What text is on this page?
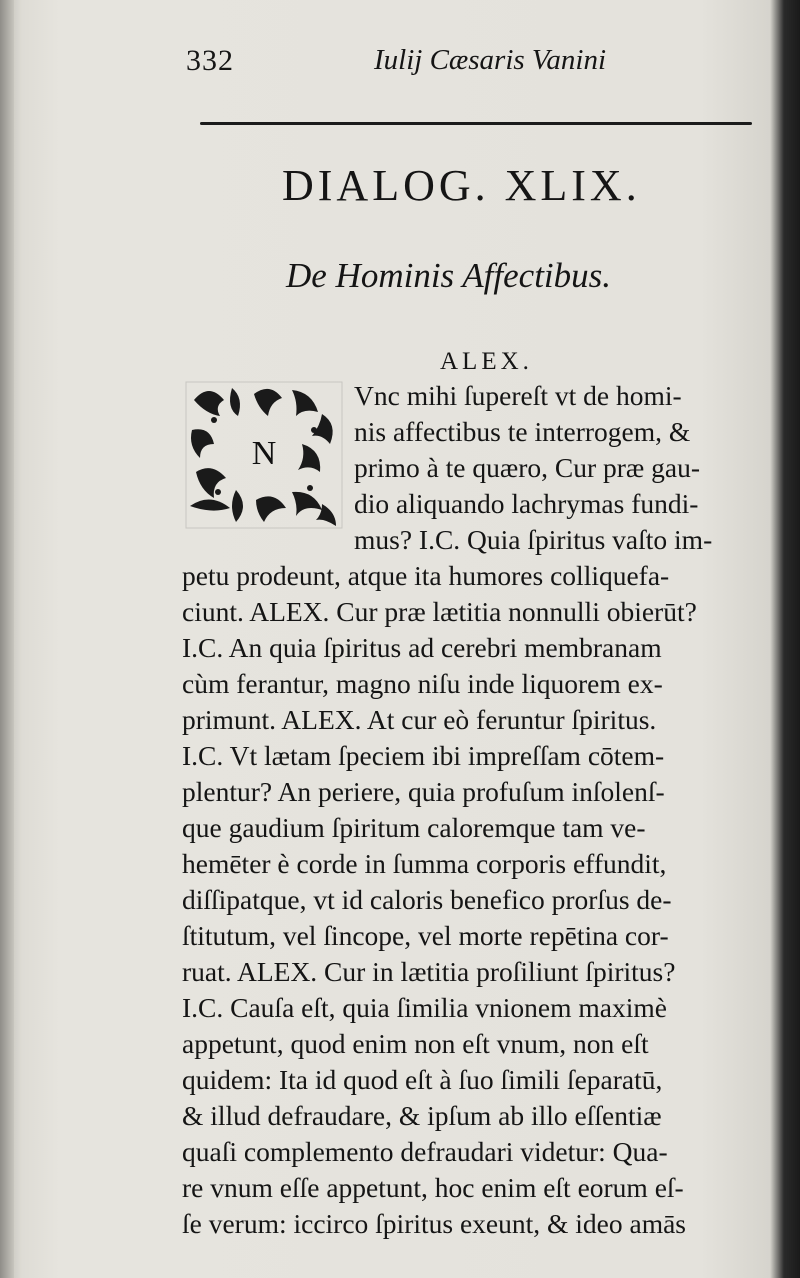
332	Iulij Cæsaris Vanini
DIALOG. XLIX.
De Hominis Affectibus.
ALEX.
N
Vnc mihi ſupereſt vt de homi-
nis affectibus te interrogem, &
primo à te quæro, Cur præ gau-
dio aliquando lachrymas fundi-
mus? I.C. Quia ſpiritus vaſto im-
petu prodeunt, atque ita humores colliquefa-
ciunt. ALEX. Cur præ lætitia nonnulli obierūt?
I.C. An quia ſpiritus ad cerebri membranam
cùm ferantur, magno niſu inde liquorem ex-
primunt. ALEX. At cur eò feruntur ſpiritus.
I.C. Vt lætam ſpeciem ibi impreſſam cōtem-
plentur? An periere, quia profuſum inſolenſ-
que gaudium ſpiritum caloremque tam ve-
hemēter è corde in ſumma corporis effundit,
diſſipatque, vt id caloris benefico prorſus de-
ſtitutum, vel ſincope, vel morte repētina cor-
ruat. ALEX. Cur in lætitia proſiliunt ſpiritus?
I.C. Cauſa eſt, quia ſimilia vnionem maximè
appetunt, quod enim non eſt vnum, non eſt
quidem: Ita id quod eſt à ſuo ſimili ſeparatū,
& illud defraudare, & ipſum ab illo eſſentiæ
quaſi complemento defraudari videtur: Qua-
re vnum eſſe appetunt, hoc enim eſt eorum eſ-
ſe verum: iccirco ſpiritus exeunt, & ideo amās
